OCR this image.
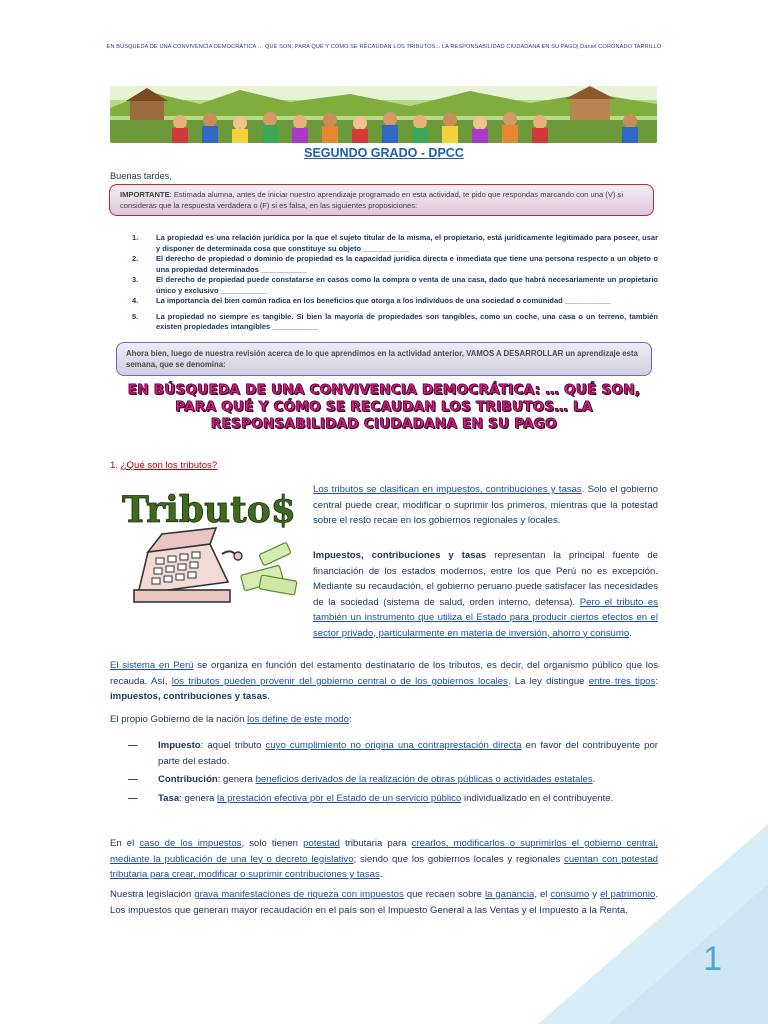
1
EN BÚSQUEDA DE UNA CONVIVENCIA DEMOCRÁTICA … QUÉ SON, PARA QUÉ Y CÓMO SE RECAUDAN LOS TRIBUTOS... LA RESPONSABILIDAD CIUDADANA EN SU PAGO| Daniel CORONADO TARRILLO
SEGUNDO GRADO - DPCC
Buenas tardes,
IMPORTANTE: Estimada alumna, antes de iniciar nuestro aprendizaje programado en esta actividad, te pido que respondas marcando con una (V) si consideras que la respuesta verdadera o (F) si es falsa, en las siguientes proposiciones:
1. La propiedad es una relación jurídica por la que el sujeto titular de la misma, el propietario, está jurídicamente legitimado para poseer, usar y disponer de determinada cosa que constituye su objeto ___________
2. El derecho de propiedad o dominio de propiedad es la capacidad jurídica directa e inmediata que tiene una persona respecto a un objeto o una propiedad determinados ___________
3. El derecho de propiedad puede constatarse en casos como la compra o venta de una casa, dado que habrá necesariamente un propietario único y exclusivo ___________
4. La importancia del bien común radica en los beneficios que otorga a los individuos de una sociedad o comunidad ___________
5. La propiedad no siempre es tangible. Si bien la mayoría de propiedades son tangibles, como un coche, una casa o un terreno, también existen propiedades intangibles ___________
Ahora bien, luego de nuestra revisión acerca de lo que aprendimos en la actividad anterior, VAMOS A DESARROLLAR un aprendizaje esta semana, que se denomina:
EN BÚSQUEDA DE UNA CONVIVENCIA DEMOCRÁTICA: … QUÉ SON,
PARA QUÉ Y CÓMO SE RECAUDAN LOS TRIBUTOS… LA
RESPONSABILIDAD CIUDADANA EN SU PAGO
1. ¿Qué son los tributos?
Tributo$ Los tributos se clasifican en impuestos, contribuciones y tasas. Solo el gobierno central puede crear, modificar o suprimir los primeros, mientras que la potestad sobre el resto recae en los gobiernos regionales y locales.
Impuestos, contribuciones y tasas representan la principal fuente de financiación de los estados modernos, entre los que Perú no es excepción. Mediante su recaudación, el gobierno peruano puede satisfacer las necesidades de la sociedad (sistema de salud, orden interno, defensa). Pero el tributo es también un instrumento que utiliza el Estado para producir ciertos efectos en el sector privado, particularmente en materia de inversión, ahorro y consumo.
El sistema en Perú se organiza en función del estamento destinatario de los tributos, es decir, del organismo público que los recauda. Así, los tributos pueden provenir del gobierno central o de los gobiernos locales. La ley distingue entre tres tipos: impuestos, contribuciones y tasas.
El propio Gobierno de la nación los define de este modo:
— Impuesto: aquel tributo cuyo cumplimiento no origina una contraprestación directa en favor del contribuyente por parte del estado.
— Contribución: genera beneficios derivados de la realización de obras públicas o actividades estatales.
— Tasa: genera la prestación efectiva por el Estado de un servicio público individualizado en el contribuyente.
En el caso de los impuestos, solo tienen potestad tributaria para crearlos, modificarlos o suprimirlos el gobierno central, mediante la publicación de una ley o decreto legislativo; siendo que los gobiernos locales y regionales cuentan con potestad tributaria para crear, modificar o suprimir contribuciones y tasas.
Nuestra legislación grava manifestaciones de riqueza con impuestos que recaen sobre la ganancia, el consumo y el patrimonio. Los impuestos que generan mayor recaudación en el país son el Impuesto General a las Ventas y el Impuesto a la Renta.
